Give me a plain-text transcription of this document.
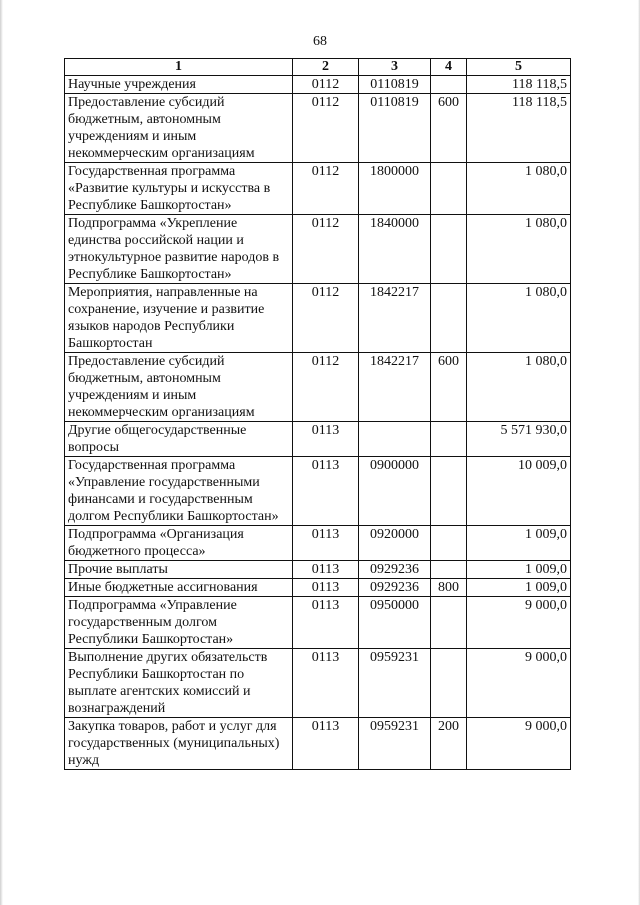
68
1	2	3	4	5
Научные учреждения	0112	0110819		118 118,5
Предоставление субсидий бюджетным, автономным учреждениям и иным некоммерческим организациям	0112	0110819	600	118 118,5
Государственная программа «Развитие культуры и искусства в Республике Башкортостан»	0112	1800000		1 080,0
Подпрограмма «Укрепление единства российской нации и этнокультурное развитие народов в Республике Башкортостан»	0112	1840000		1 080,0
Мероприятия, направленные на сохранение, изучение и развитие языков народов Республики Башкортостан	0112	1842217		1 080,0
Предоставление субсидий бюджетным, автономным учреждениям и иным некоммерческим организациям	0112	1842217	600	1 080,0
Другие общегосударственные вопросы	0113			5 571 930,0
Государственная программа «Управление государственными финансами и государственным долгом Республики Башкортостан»	0113	0900000		10 009,0
Подпрограмма «Организация бюджетного процесса»	0113	0920000		1 009,0
Прочие выплаты	0113	0929236		1 009,0
Иные бюджетные ассигнования	0113	0929236	800	1 009,0
Подпрограмма «Управление государственным долгом Республики Башкортостан»	0113	0950000		9 000,0
Выполнение других обязательств Республики Башкортостан по выплате агентских комиссий и вознаграждений	0113	0959231		9 000,0
Закупка товаров, работ и услуг для государственных (муниципальных) нужд	0113	0959231	200	9 000,0
